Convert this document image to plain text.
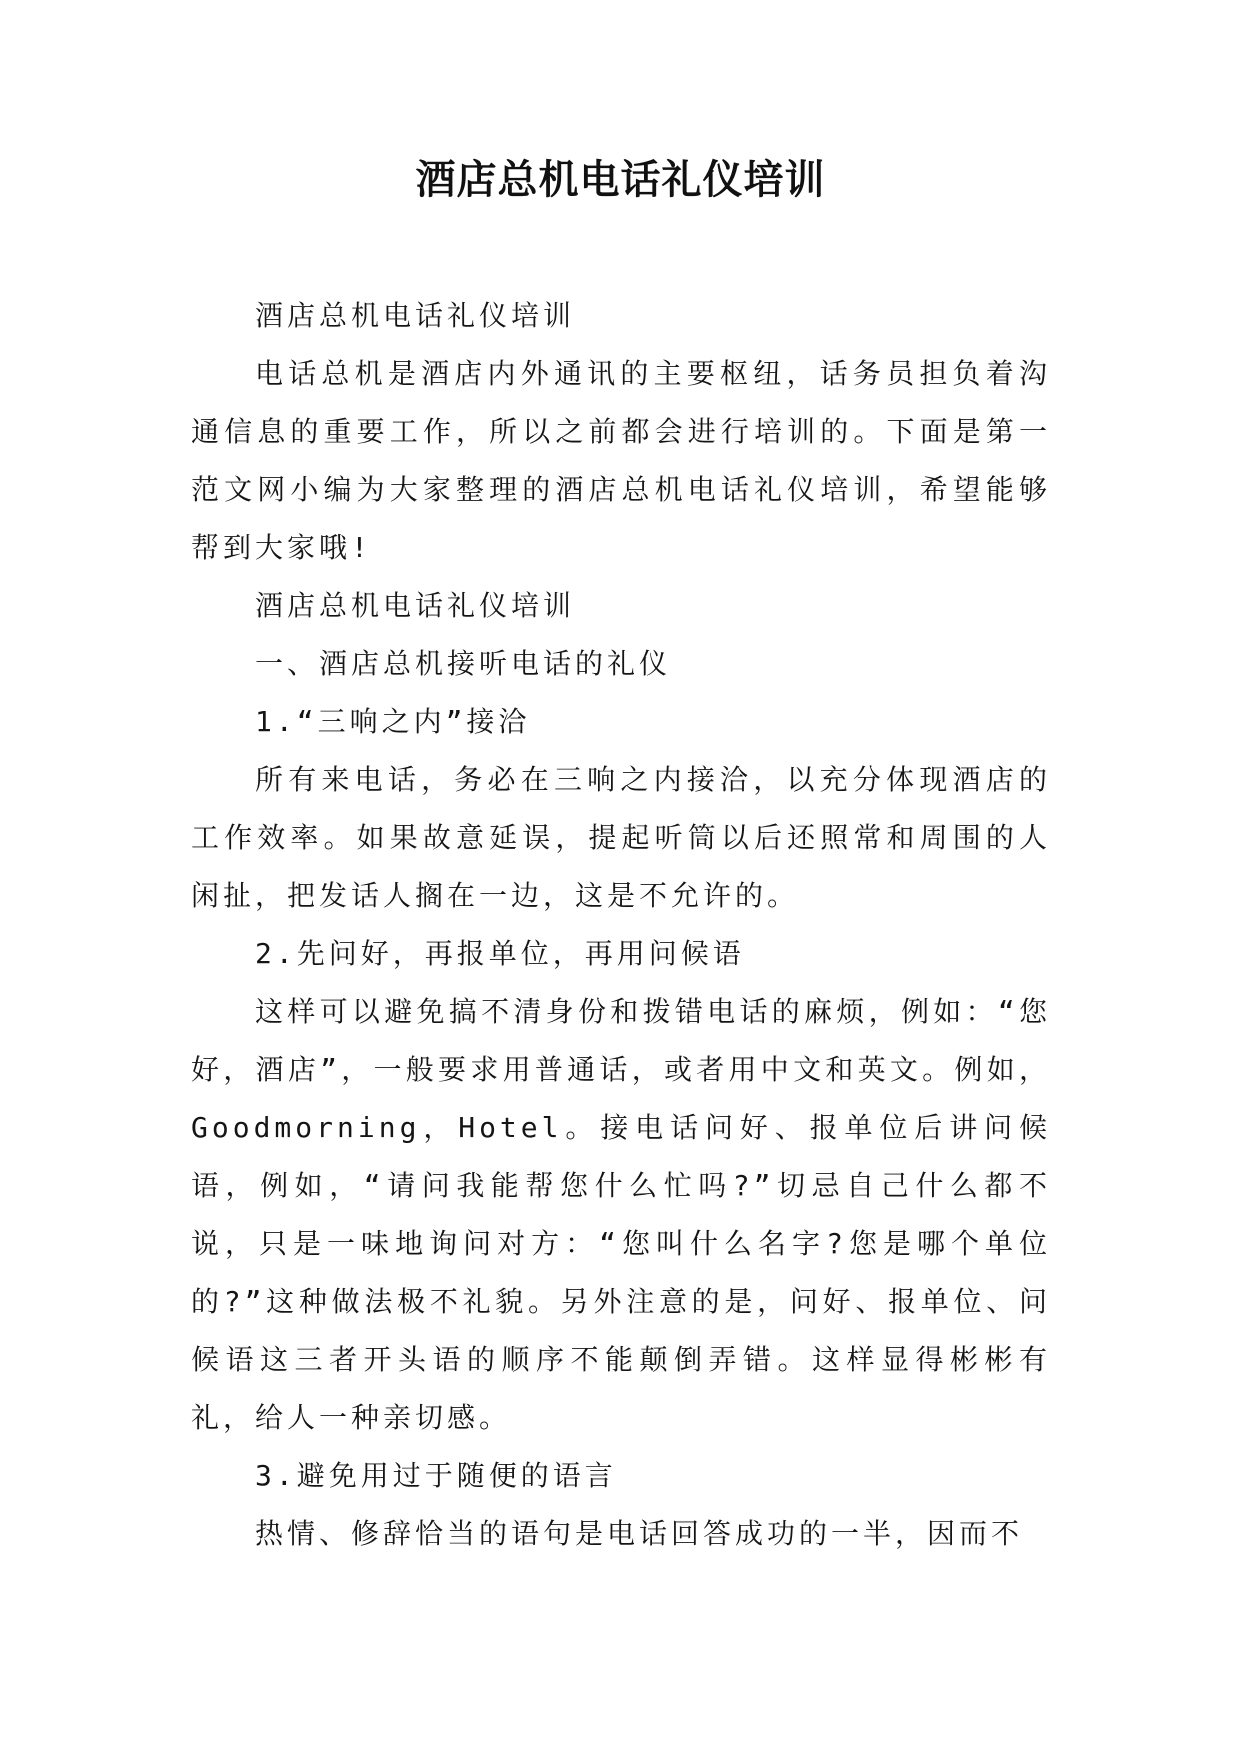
酒店总机电话礼仪培训

酒店总机电话礼仪培训

电话总机是酒店内外通讯的主要枢纽，话务员担负着沟通信息的重要工作，所以之前都会进行培训的。下面是第一范文网小编为大家整理的酒店总机电话礼仪培训，希望能够帮到大家哦!

酒店总机电话礼仪培训

一、酒店总机接听电话的礼仪

1.“三响之内”接洽

所有来电话，务必在三响之内接洽，以充分体现酒店的工作效率。如果故意延误，提起听筒以后还照常和周围的人闲扯，把发话人搁在一边，这是不允许的。

2.先问好，再报单位，再用问候语

这样可以避免搞不清身份和拨错电话的麻烦，例如：“您好，酒店”，一般要求用普通话，或者用中文和英文。例如，Goodmorning，Hotel。接电话问好、报单位后讲问候语，例如，“请问我能帮您什么忙吗?”切忌自己什么都不说，只是一味地询问对方：“您叫什么名字?您是哪个单位的?”这种做法极不礼貌。另外注意的是，问好、报单位、问候语这三者开头语的顺序不能颠倒弄错。这样显得彬彬有礼，给人一种亲切感。

3.避免用过于随便的语言

热情、修辞恰当的语句是电话回答成功的一半，因而不
